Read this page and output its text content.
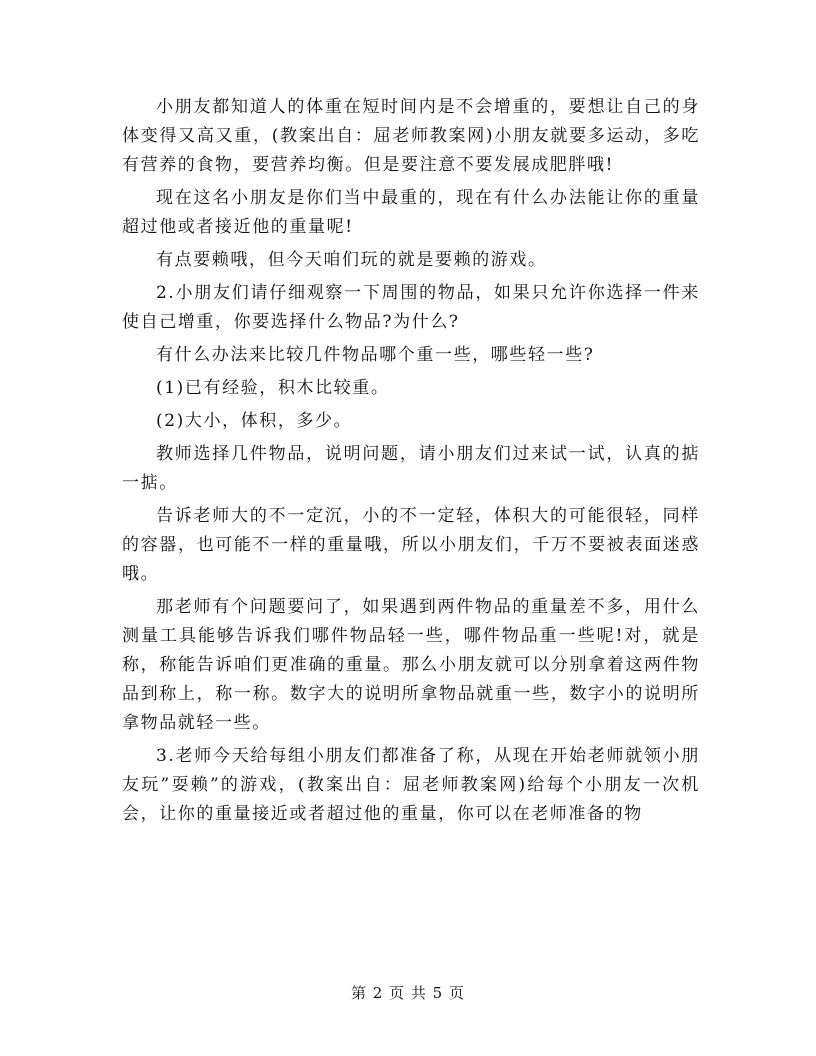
小朋友都知道人的体重在短时间内是不会增重的，要想让自己的身体变得又高又重，(教案出自：屈老师教案网)小朋友就要多运动，多吃有营养的食物，要营养均衡。但是要注意不要发展成肥胖哦!

现在这名小朋友是你们当中最重的，现在有什么办法能让你的重量超过他或者接近他的重量呢!

有点要赖哦，但今天咱们玩的就是要赖的游戏。

2.小朋友们请仔细观察一下周围的物品，如果只允许你选择一件来使自己增重，你要选择什么物品?为什么?

有什么办法来比较几件物品哪个重一些，哪些轻一些?

(1)已有经验，积木比较重。

(2)大小，体积，多少。

教师选择几件物品，说明问题，请小朋友们过来试一试，认真的掂一掂。

告诉老师大的不一定沉，小的不一定轻，体积大的可能很轻，同样的容器，也可能不一样的重量哦，所以小朋友们，千万不要被表面迷惑哦。

那老师有个问题要问了，如果遇到两件物品的重量差不多，用什么测量工具能够告诉我们哪件物品轻一些，哪件物品重一些呢!对，就是称，称能告诉咱们更准确的重量。那么小朋友就可以分别拿着这两件物品到称上，称一称。数字大的说明所拿物品就重一些，数字小的说明所拿物品就轻一些。

3.老师今天给每组小朋友们都准备了称，从现在开始老师就领小朋友玩”耍赖”的游戏，(教案出自：屈老师教案网)给每个小朋友一次机会，让你的重量接近或者超过他的重量，你可以在老师准备的物

第 2 页 共 5 页
